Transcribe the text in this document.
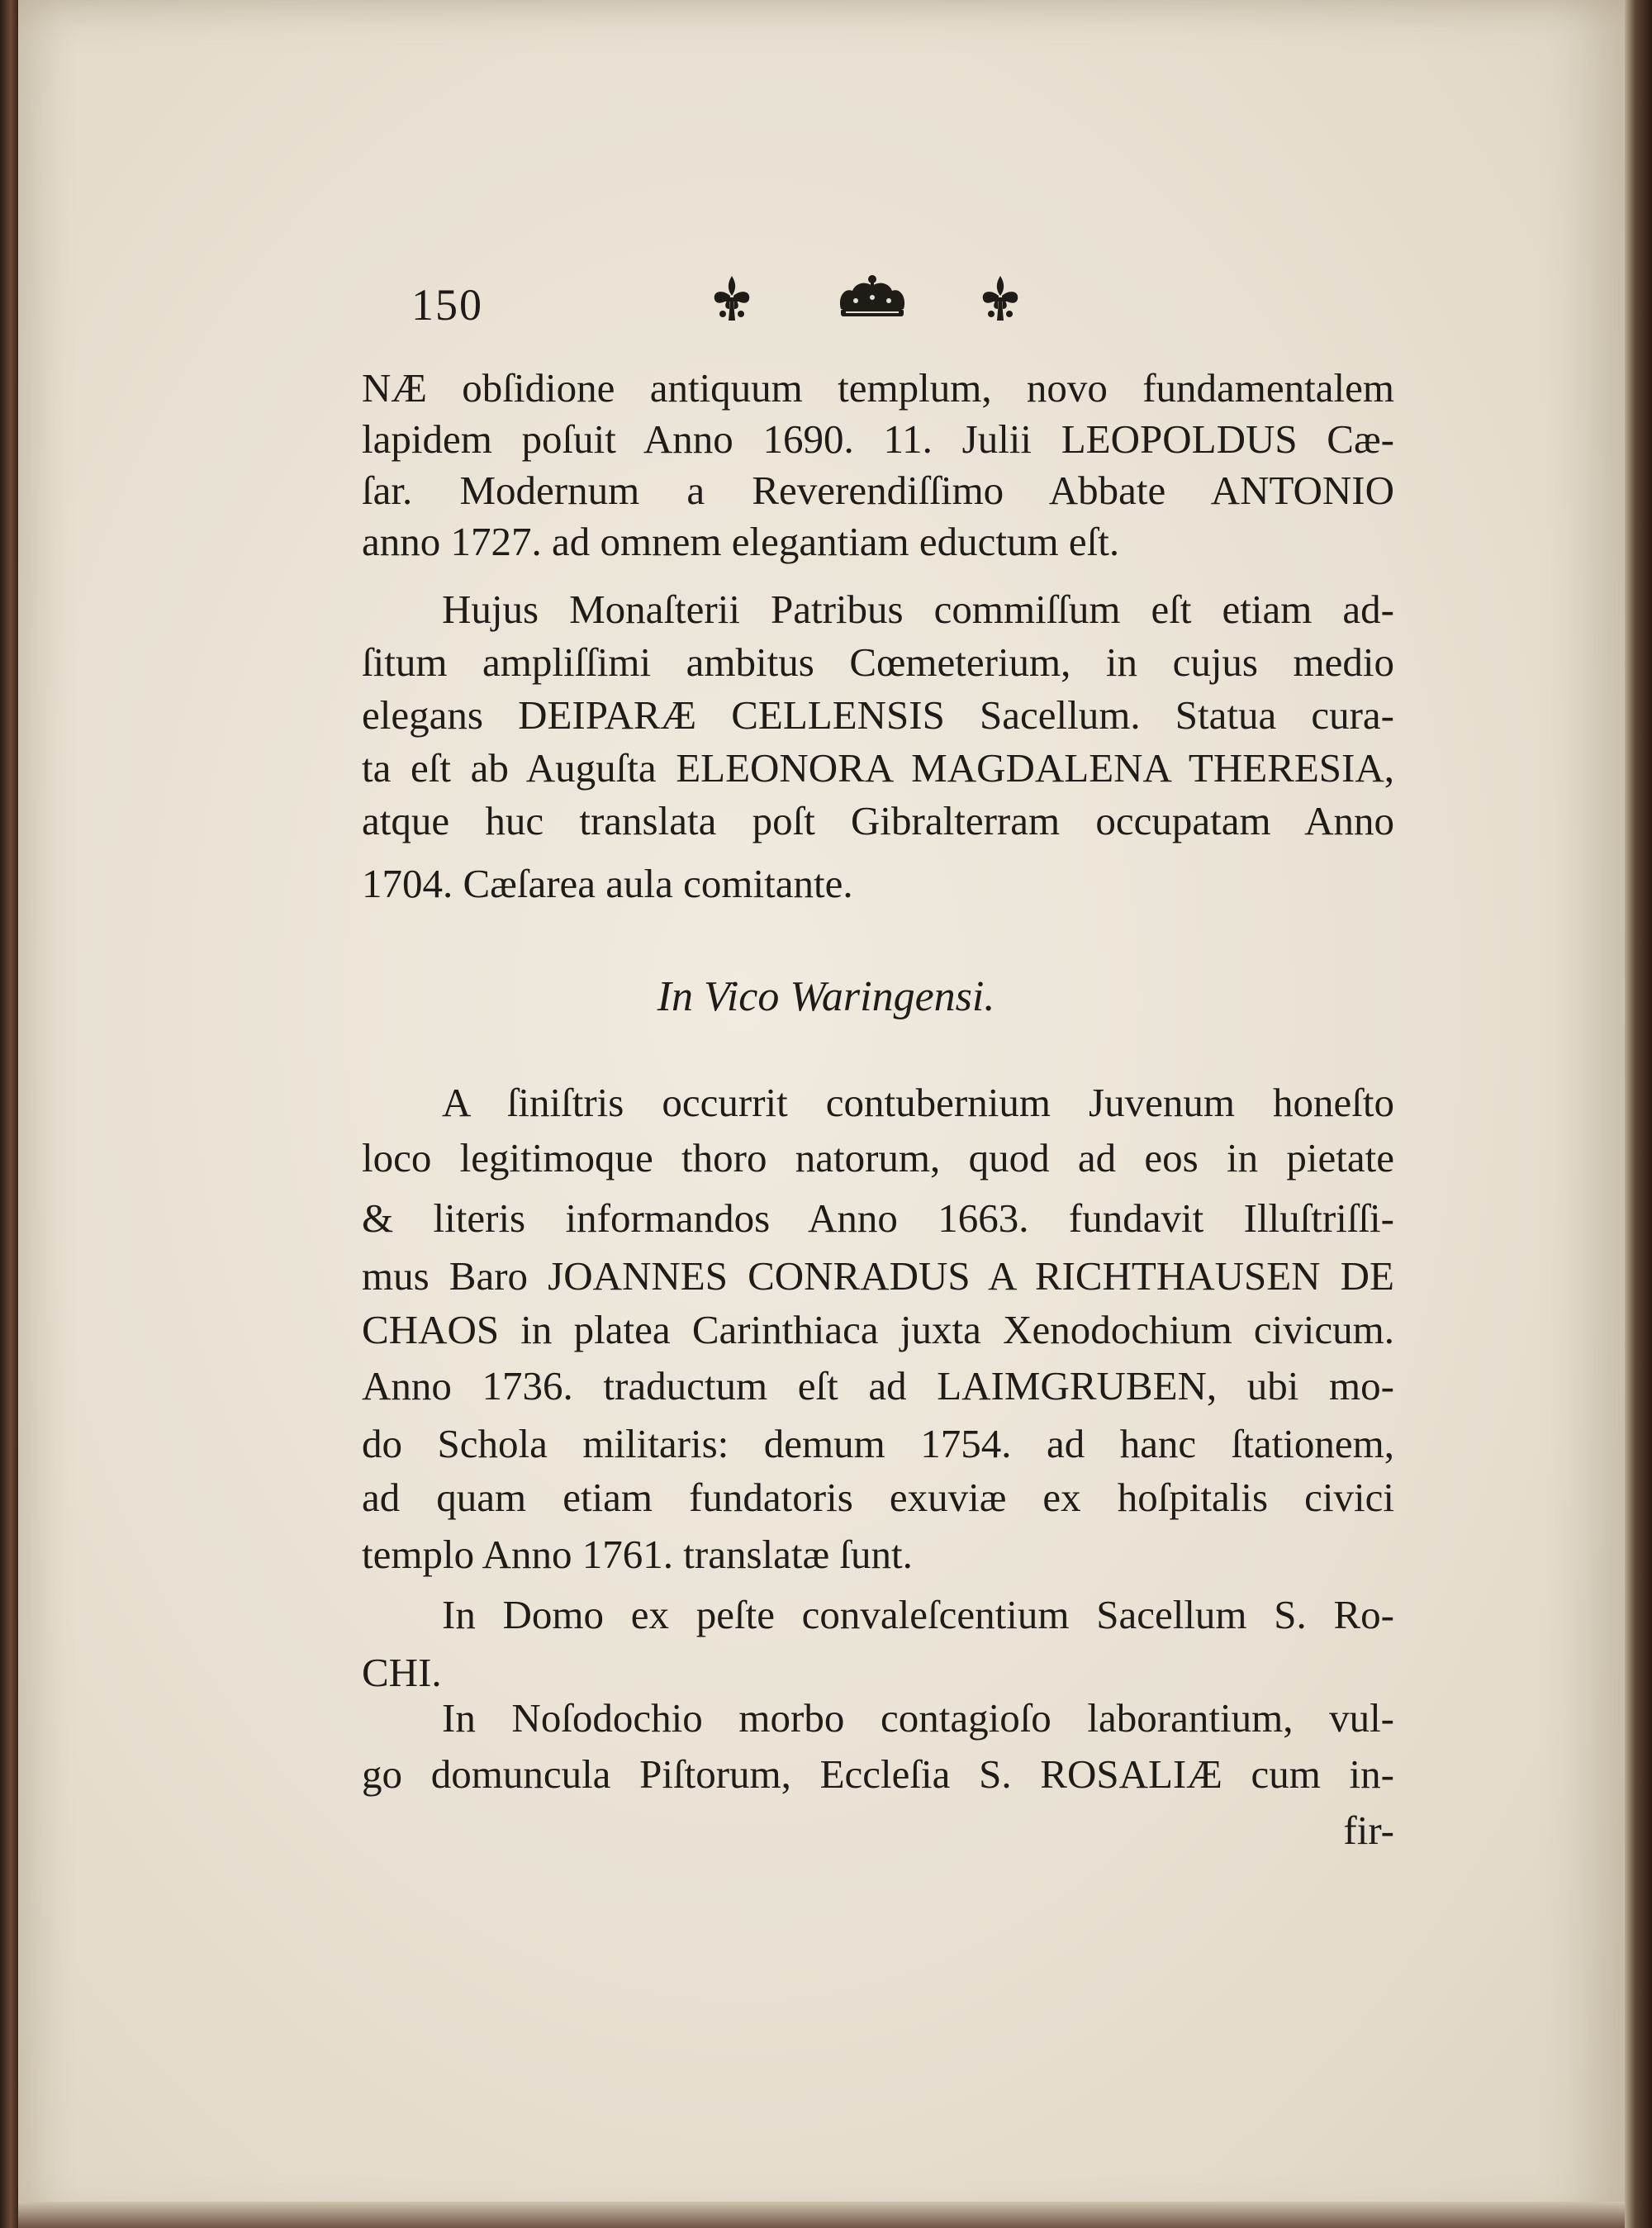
150
NÆ obſidione antiquum templum, novo fundamentalem
lapidem poſuit Anno 1690. 11. Julii LEOPOLDUS Cæ-
ſar. Modernum a Reverendiſſimo Abbate ANTONIO
anno 1727. ad omnem elegantiam eductum eſt.
Hujus Monaſterii Patribus commiſſum eſt etiam ad-
ſitum ampliſſimi ambitus Cœmeterium, in cujus medio
elegans DEIPARÆ CELLENSIS Sacellum. Statua cura-
ta eſt ab Auguſta ELEONORA MAGDALENA THERESIA,
atque huc translata poſt Gibralterram occupatam Anno
1704. Cæſarea aula comitante.
In Vico Waringensi.
A ſiniſtris occurrit contubernium Juvenum honeſto
loco legitimoque thoro natorum, quod ad eos in pietate
& literis informandos Anno 1663. fundavit Illuſtriſſi-
mus Baro JOANNES CONRADUS A RICHTHAUSEN DE
CHAOS in platea Carinthiaca juxta Xenodochium civicum.
Anno 1736. traductum eſt ad LAIMGRUBEN, ubi mo-
do Schola militaris: demum 1754. ad hanc ſtationem,
ad quam etiam fundatoris exuviæ ex hoſpitalis civici
templo Anno 1761. translatæ ſunt.
In Domo ex peſte convaleſcentium Sacellum S. Ro-
CHI.
In Noſodochio morbo contagioſo laborantium, vul-
go domuncula Piſtorum, Eccleſia S. ROSALIÆ cum in-
fir-
